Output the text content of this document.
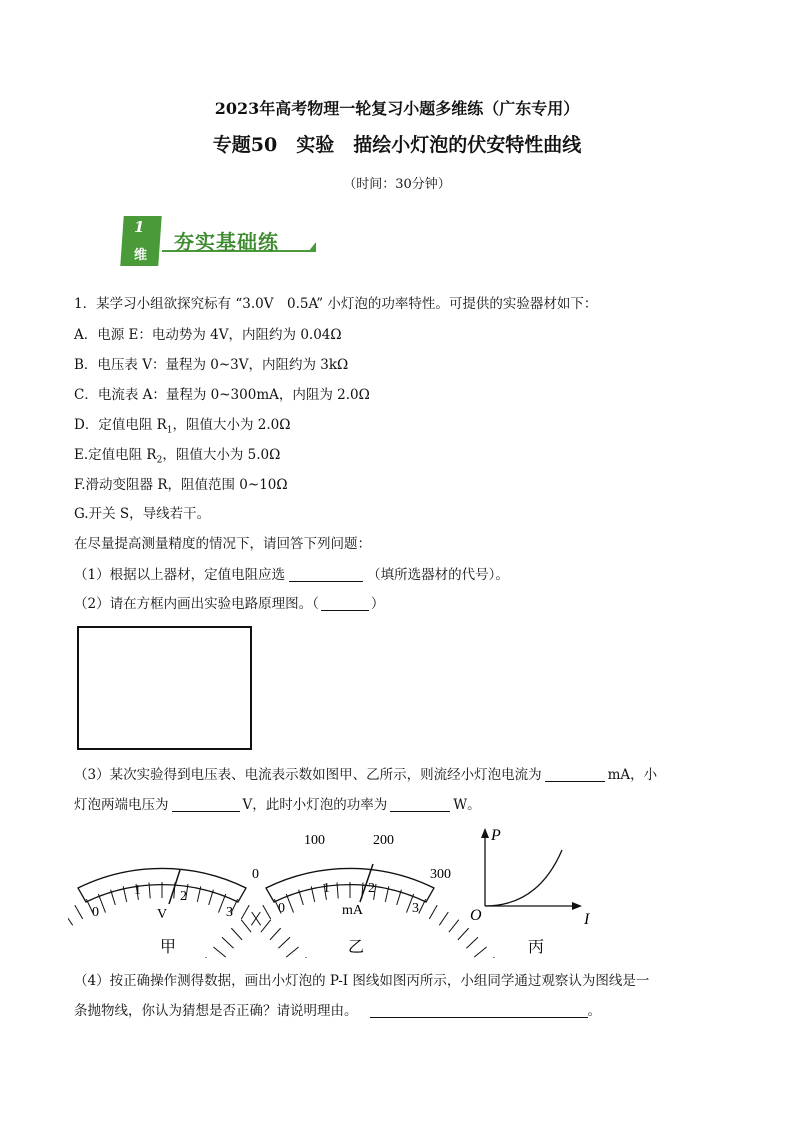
2023年高考物理一轮复习小题多维练（广东专用）
专题50　实验　描绘小灯泡的伏安特性曲线
（时间：30分钟）
1
维
夯实基础练
1．某学习小组欲探究标有 “3.0V　0.5A” 小灯泡的功率特性。可提供的实验器材如下：
A．电源 E：电动势为 4V，内阻约为 0.04Ω
B．电压表 V：量程为 0~3V，内阻约为 3kΩ
C．电流表 A：量程为 0~300mA，内阻为 2.0Ω
D．定值电阻 $R_1$，阻值大小为 2.0Ω
E.定值电阻 $R_2$，阻值大小为 5.0Ω
F.滑动变阻器 R，阻值范围 0~10Ω
G.开关 S，导线若干。
在尽量提高测量精度的情况下，请回答下列问题：
（1）根据以上器材，定值电阻应选	（填所选器材的代号）。
（2）请在方框内画出实验电路原理图。（	）
（3）某次实验得到电压表、电流表示数如图甲、乙所示，则流经小灯泡电流为	mA，小
灯泡两端电压为	V，此时小灯泡的功率为	W。
0
1	2
3
V
甲
0
100	200
300
0
1	2
3
mA
乙
P
I
O
丙
（4）按正确操作测得数据，画出小灯泡的 P-I 图线如图丙所示，小组同学通过观察认为图线是一
条抛物线，你认为猜想是否正确？请说明理由。	。
